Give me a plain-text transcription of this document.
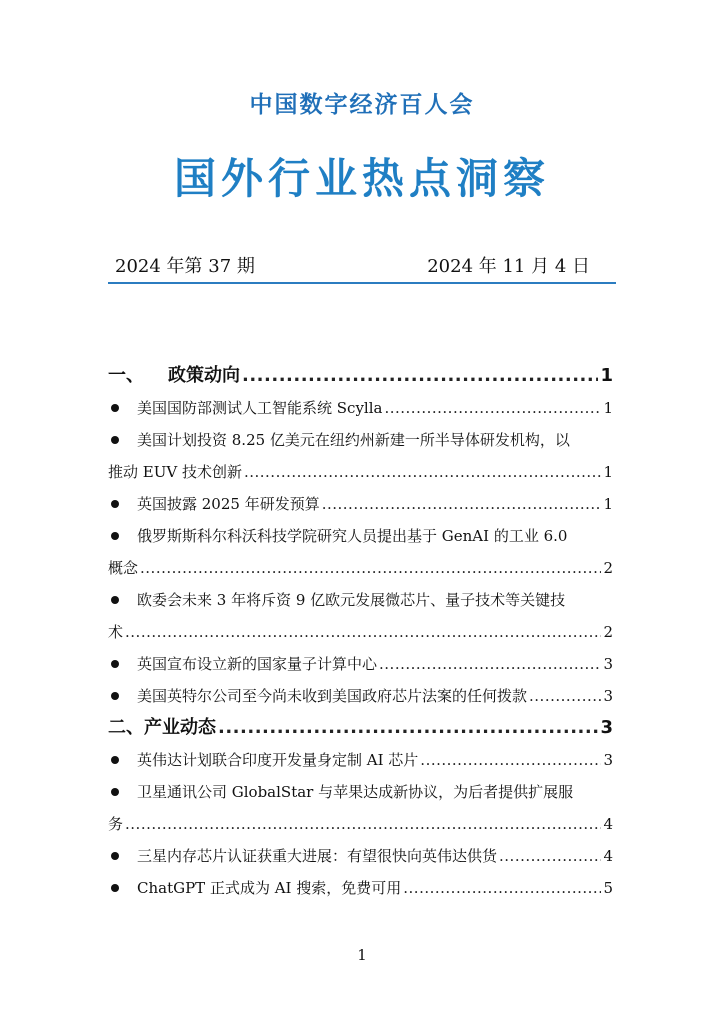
中国数字经济百人会
国外行业热点洞察
2024 年第 37 期	2024 年 11 月 4 日
一、 政策动向 .....	1
美国国防部测试人工智能系统 Scylla .....	1
美国计划投资 8.25 亿美元在纽约州新建一所半导体研发机构，以
推动 EUV 技术创新 .....	1
英国披露 2025 年研发预算 .....	1
俄罗斯斯科尔科沃科技学院研究人员提出基于 GenAI 的工业 6.0
概念 .....	2
欧委会未来 3 年将斥资 9 亿欧元发展微芯片、量子技术等关键技
术 .....	2
英国宣布设立新的国家量子计算中心 .....	3
美国英特尔公司至今尚未收到美国政府芯片法案的任何拨款 .....	3
二、产业动态 .....	3
英伟达计划联合印度开发量身定制 AI 芯片 .....	3
卫星通讯公司 GlobalStar 与苹果达成新协议，为后者提供扩展服
务 .....	4
三星内存芯片认证获重大进展：有望很快向英伟达供货 .....	4
ChatGPT 正式成为 AI 搜索，免费可用 .....	5
1
